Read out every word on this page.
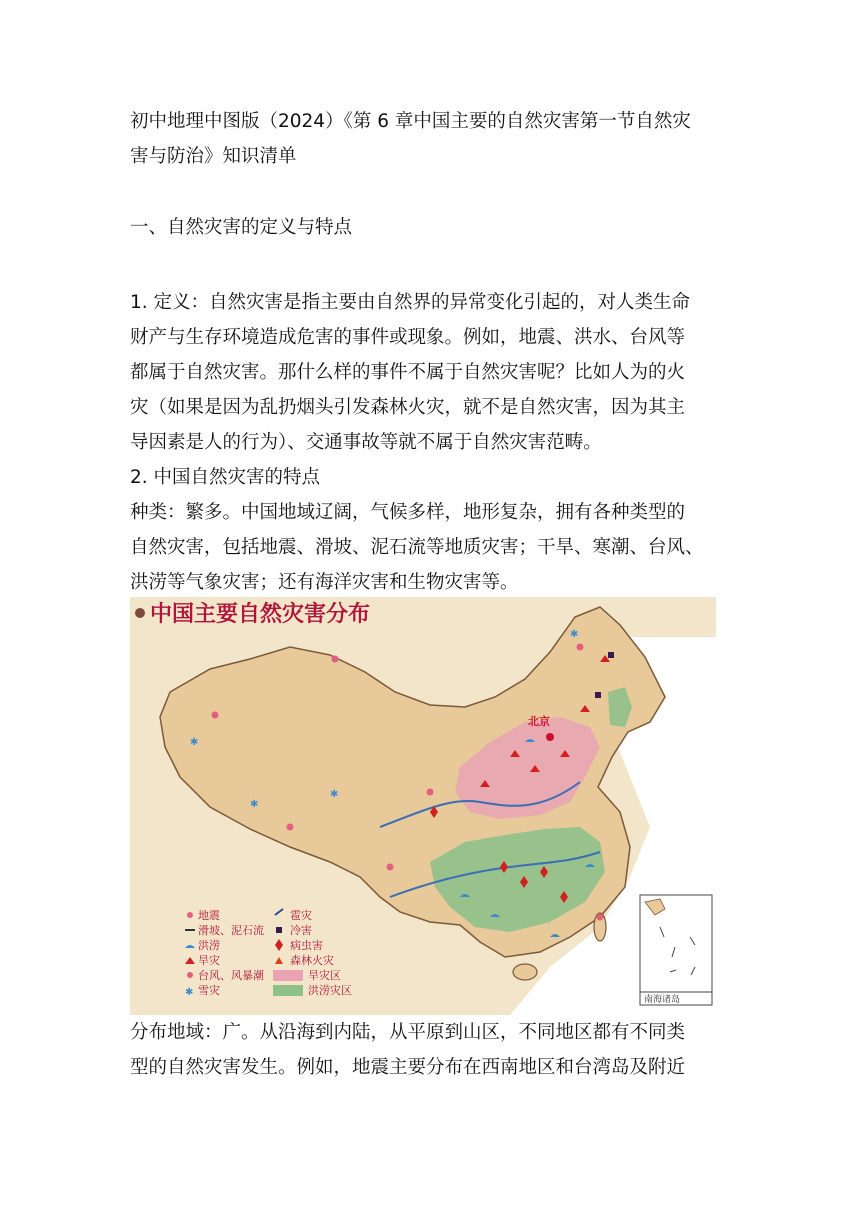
初中地理中图版（2024）《第 6 章中国主要的自然灾害第一节自然灾
害与防治》知识清单

一、自然灾害的定义与特点

1. 定义：自然灾害是指主要由自然界的异常变化引起的，对人类生命
财产与生存环境造成危害的事件或现象。例如，地震、洪水、台风等
都属于自然灾害。那什么样的事件不属于自然灾害呢？比如人为的火
灾（如果是因为乱扔烟头引发森林火灾，就不是自然灾害，因为其主
导因素是人的行为）、交通事故等就不属于自然灾害范畴。

2. 中国自然灾害的特点

种类：繁多。中国地域辽阔，气候多样，地形复杂，拥有各种类型的
自然灾害，包括地震、滑坡、泥石流等地质灾害；干旱、寒潮、台风、
洪涝等气象灾害；还有海洋灾害和生物灾害等。

中国主要自然灾害分布
北京
✱
✱
✱
✱
地震
滑坡、泥石流
洪涝
旱灾
台风、风暴潮
✱ 雪灾
雹灾
冷害
病虫害
森林火灾
旱灾区
洪涝灾区
南海诸岛

分布地域：广。从沿海到内陆，从平原到山区，不同地区都有不同类
型的自然灾害发生。例如，地震主要分布在西南地区和台湾岛及附近
